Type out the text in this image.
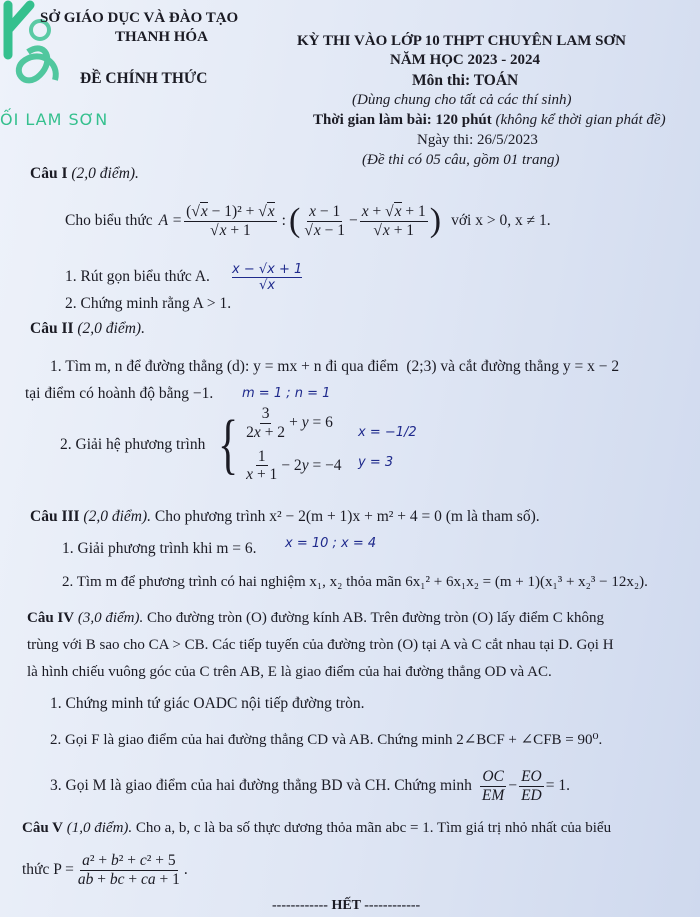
ỐI LAM SƠN
SỞ GIÁO DỤC VÀ ĐÀO TẠO
THANH HÓA
ĐỀ CHÍNH THỨC
KỲ THI VÀO LỚP 10 THPT CHUYÊN LAM SƠN
NĂM HỌC 2023 - 2024
Môn thi: TOÁN
(Dùng chung cho tất cả các thí sinh)
Thời gian làm bài: 120 phút (không kể thời gian phát đề)
Ngày thi: 26/5/2023
(Đề thi có 05 câu, gồm 01 trang)
Câu I (2,0 điểm).
Cho biểu thức $A = \frac{\text{(√x − 1)² + √x}}{√x + 1}$ : ( $\frac{x - 1}{√x - 1} - \frac{x + √x + 1}{√x + 1}$ ) với x > 0, x ≠ 1.
1. Rút gọn biểu thức A. x − √x + 1
√x
2. Chứng minh rằng A > 1.
Câu II (2,0 điểm).
1. Tìm m, n để đường thẳng (d): y = mx + n đi qua điểm (2;3) và cắt đường thẳng y = x − 2
tại điểm có hoành độ bằng −1. m = 1 ; n = 1
2. Giải hệ phương trình { $\frac{3}{2x + 2} + y = 6$
$\frac{1}{x + 1} - 2y = -4$
x = −1/2
y = 3
Câu III (2,0 điểm). Cho phương trình x² − 2(m + 1)x + m² + 4 = 0 (m là tham số).
1. Giải phương trình khi m = 6. x = 10 ; x = 4
2. Tìm m để phương trình có hai nghiệm x₁, x₂ thỏa mãn 6x₁² + 6x₁x₂ = (m + 1)(x₁³ + x₂³ − 12x₂).
Câu IV (3,0 điểm). Cho đường tròn (O) đường kính AB. Trên đường tròn (O) lấy điểm C không
trùng với B sao cho CA > CB. Các tiếp tuyến của đường tròn (O) tại A và C cắt nhau tại D. Gọi H
là hình chiếu vuông góc của C trên AB, E là giao điểm của hai đường thẳng OD và AC.
1. Chứng minh tứ giác OADC nội tiếp đường tròn.
2. Gọi F là giao điểm của hai đường thẳng CD và AB. Chứng minh 2∠BCF + ∠CFB = 90⁰.
3. Gọi M là giao điểm của hai đường thẳng BD và CH. Chứng minh $\frac{OC}{EM} - \frac{EO}{ED} = 1$.
Câu V (1,0 điểm). Cho a, b, c là ba số thực dương thỏa mãn abc = 1. Tìm giá trị nhỏ nhất của biểu
thức $P = \frac{\text{a² + b² + c² + 5}}{ab + bc + ca + 1}$ .
------------ HẾT ------------
